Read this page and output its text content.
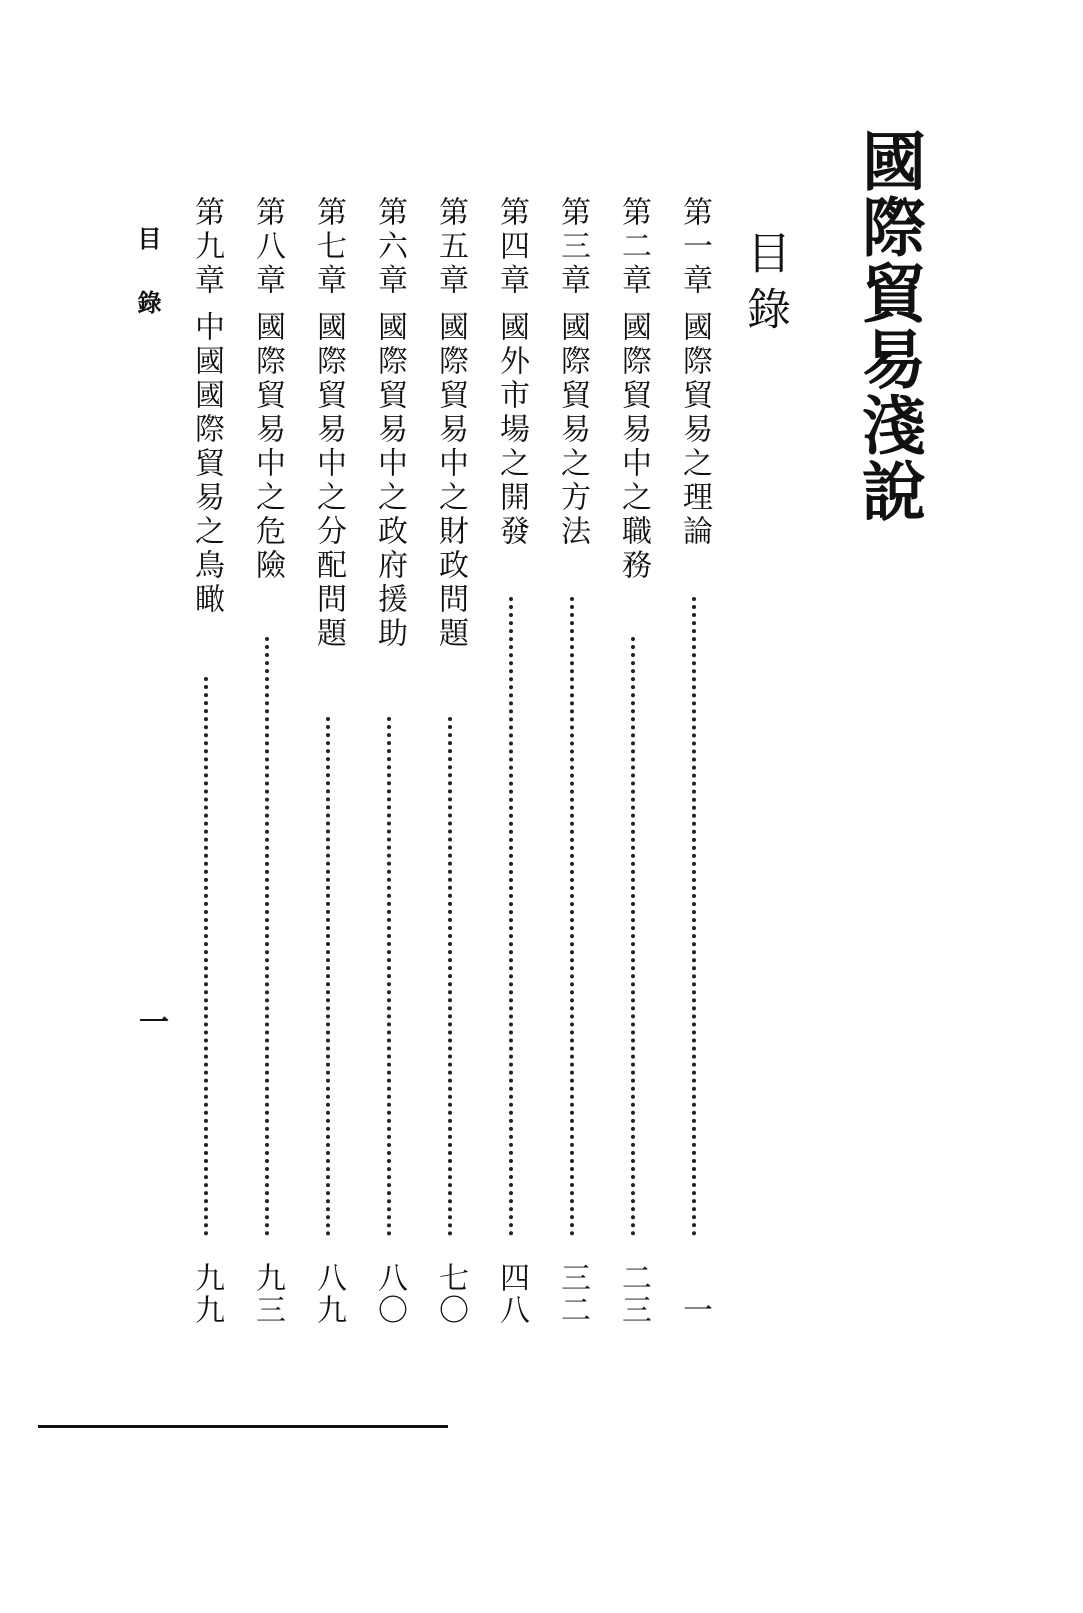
國際貿易淺說
目錄
第一章
國際貿易之理論
一
第二章
國際貿易中之職務
二三
第三章
國際貿易之方法
三二
第四章
國外市場之開發
四八
第五章
國際貿易中之財政問題
七〇
第六章
國際貿易中之政府援助
八〇
第七章
國際貿易中之分配問題
八九
第八章
國際貿易中之危險
九三
第九章
中國國際貿易之鳥瞰
九九
目錄
一
